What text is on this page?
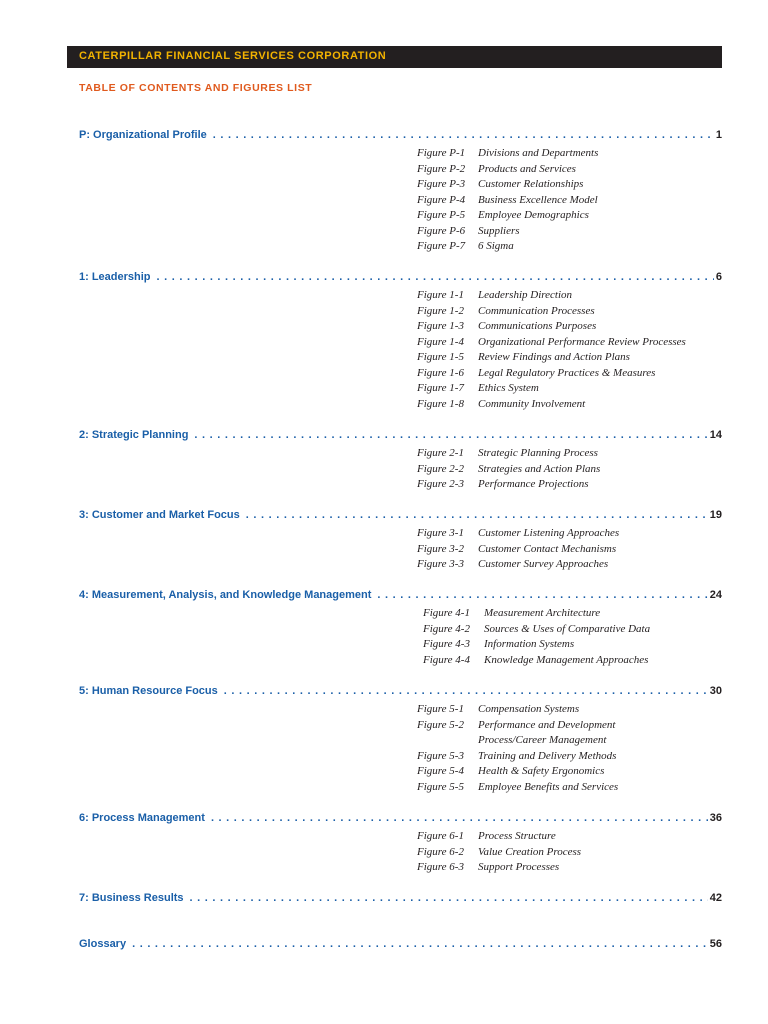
CATERPILLAR FINANCIAL SERVICES CORPORATION
TABLE OF CONTENTS AND FIGURES LIST
P: Organizational Profile . . .	1
Figure P-1 Divisions and Departments
Figure P-2 Products and Services
Figure P-3 Customer Relationships
Figure P-4 Business Excellence Model
Figure P-5 Employee Demographics
Figure P-6 Suppliers
Figure P-7 6 Sigma
1: Leadership . . .	6
Figure 1-1 Leadership Direction
Figure 1-2 Communication Processes
Figure 1-3 Communications Purposes
Figure 1-4 Organizational Performance Review Processes
Figure 1-5 Review Findings and Action Plans
Figure 1-6 Legal Regulatory Practices & Measures
Figure 1-7 Ethics System
Figure 1-8 Community Involvement
2: Strategic Planning . . .	14
Figure 2-1 Strategic Planning Process
Figure 2-2 Strategies and Action Plans
Figure 2-3 Performance Projections
3: Customer and Market Focus . . .	19
Figure 3-1 Customer Listening Approaches
Figure 3-2 Customer Contact Mechanisms
Figure 3-3 Customer Survey Approaches
4: Measurement, Analysis, and Knowledge Management . . .	24
Figure 4-1 Measurement Architecture
Figure 4-2 Sources & Uses of Comparative Data
Figure 4-3 Information Systems
Figure 4-4 Knowledge Management Approaches
5: Human Resource Focus . . .	30
Figure 5-1 Compensation Systems
Figure 5-2 Performance and Development
Process/Career Management
Figure 5-3 Training and Delivery Methods
Figure 5-4 Health & Safety Ergonomics
Figure 5-5 Employee Benefits and Services
6: Process Management . . .	36
Figure 6-1 Process Structure
Figure 6-2 Value Creation Process
Figure 6-3 Support Processes
7: Business Results . . .	42
Glossary . . .	56
